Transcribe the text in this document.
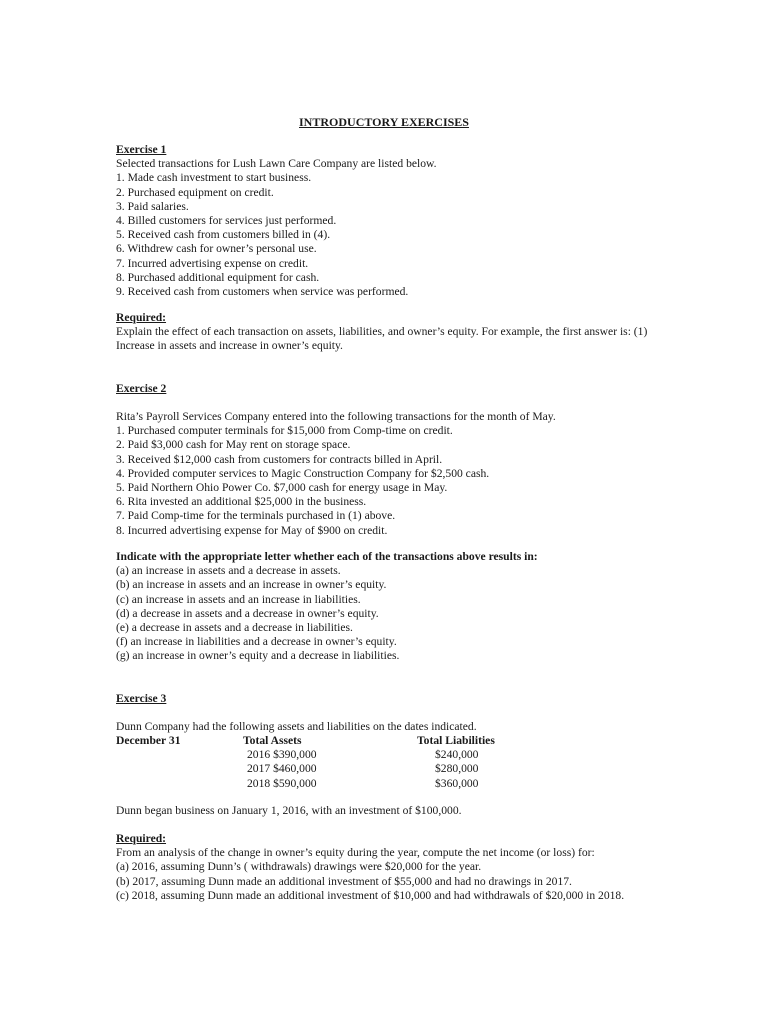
INTRODUCTORY EXERCISES
Exercise 1
Selected transactions for Lush Lawn Care Company are listed below.
1. Made cash investment to start business.
2. Purchased equipment on credit.
3. Paid salaries.
4. Billed customers for services just performed.
5. Received cash from customers billed in (4).
6. Withdrew cash for owner’s personal use.
7. Incurred advertising expense on credit.
8. Purchased additional equipment for cash.
9. Received cash from customers when service was performed.
Required:
Explain the effect of each transaction on assets, liabilities, and owner’s equity. For example, the first answer is: (1) Increase in assets and increase in owner’s equity.
Exercise 2
Rita’s Payroll Services Company entered into the following transactions for the month of May.
1. Purchased computer terminals for $15,000 from Comp-time on credit.
2. Paid $3,000 cash for May rent on storage space.
3. Received $12,000 cash from customers for contracts billed in April.
4. Provided computer services to Magic Construction Company for $2,500 cash.
5. Paid Northern Ohio Power Co. $7,000 cash for energy usage in May.
6. Rita invested an additional $25,000 in the business.
7. Paid Comp-time for the terminals purchased in (1) above.
8. Incurred advertising expense for May of $900 on credit.
Indicate with the appropriate letter whether each of the transactions above results in:
(a) an increase in assets and a decrease in assets.
(b) an increase in assets and an increase in owner’s equity.
(c) an increase in assets and an increase in liabilities.
(d) a decrease in assets and a decrease in owner’s equity.
(e) a decrease in assets and a decrease in liabilities.
(f) an increase in liabilities and a decrease in owner’s equity.
(g) an increase in owner’s equity and a decrease in liabilities.
Exercise 3
Dunn Company had the following assets and liabilities on the dates indicated.
December 31	Total Assets	Total Liabilities
2016 $390,000	$240,000
2017 $460,000	$280,000
2018 $590,000	$360,000
Dunn began business on January 1, 2016, with an investment of $100,000.
Required:
From an analysis of the change in owner’s equity during the year, compute the net income (or loss) for:
(a) 2016, assuming Dunn’s ( withdrawals) drawings were $20,000 for the year.
(b) 2017, assuming Dunn made an additional investment of $55,000 and had no drawings in 2017.
(c) 2018, assuming Dunn made an additional investment of $10,000 and had withdrawals of $20,000 in 2018.
